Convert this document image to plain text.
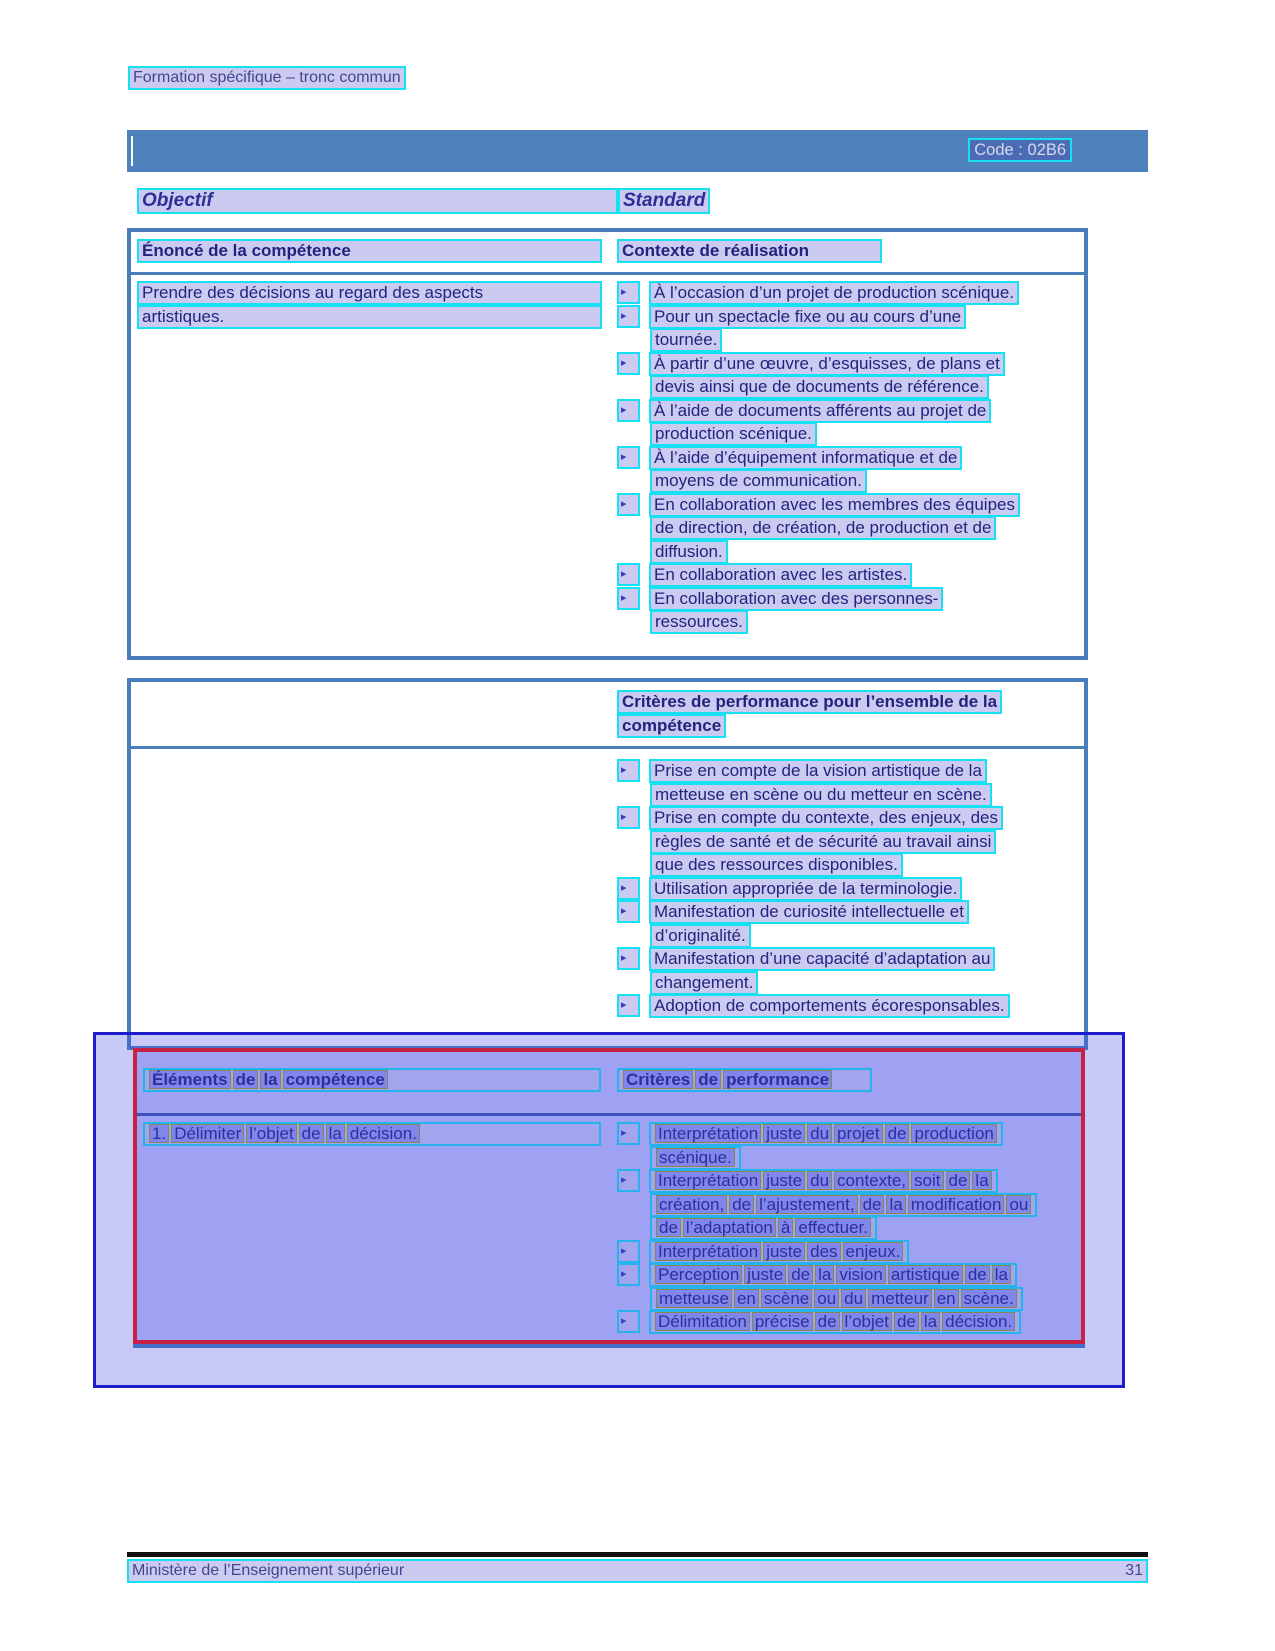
Formation spécifique – tronc commun
Code : 02B6
Objectif	Standard
Énoncé de la compétence	Contexte de réalisation
Prendre des décisions au regard des aspects
artistiques.
▸	À l’occasion d’un projet de production scénique.
▸	Pour un spectacle fixe ou au cours d’une
tournée.
▸	À partir d’une œuvre, d’esquisses, de plans et
devis ainsi que de documents de référence.
▸	À l’aide de documents afférents au projet de
production scénique.
▸	À l’aide d’équipement informatique et de
moyens de communication.
▸	En collaboration avec les membres des équipes
de direction, de création, de production et de
diffusion.
▸	En collaboration avec les artistes.
▸	En collaboration avec des personnes-
ressources.
Critères de performance pour l’ensemble de la
compétence
▸	Prise en compte de la vision artistique de la
metteuse en scène ou du metteur en scène.
▸	Prise en compte du contexte, des enjeux, des
règles de santé et de sécurité au travail ainsi
que des ressources disponibles.
▸	Utilisation appropriée de la terminologie.
▸	Manifestation de curiosité intellectuelle et
d’originalité.
▸	Manifestation d’une capacité d’adaptation au
changement.
▸	Adoption de comportements écoresponsables.
Éléments de la compétence	Critères de performance
1. Délimiter l’objet de la décision.	▸	Interprétation juste du projet de production
scénique.
▸	Interprétation juste du contexte, soit de la
création, de l’ajustement, de la modification ou
de l’adaptation à effectuer.
▸	Interprétation juste des enjeux.
▸	Perception juste de la vision artistique de la
metteuse en scène ou du metteur en scène.
▸	Délimitation précise de l’objet de la décision.
Ministère de l’Enseignement supérieur	31
